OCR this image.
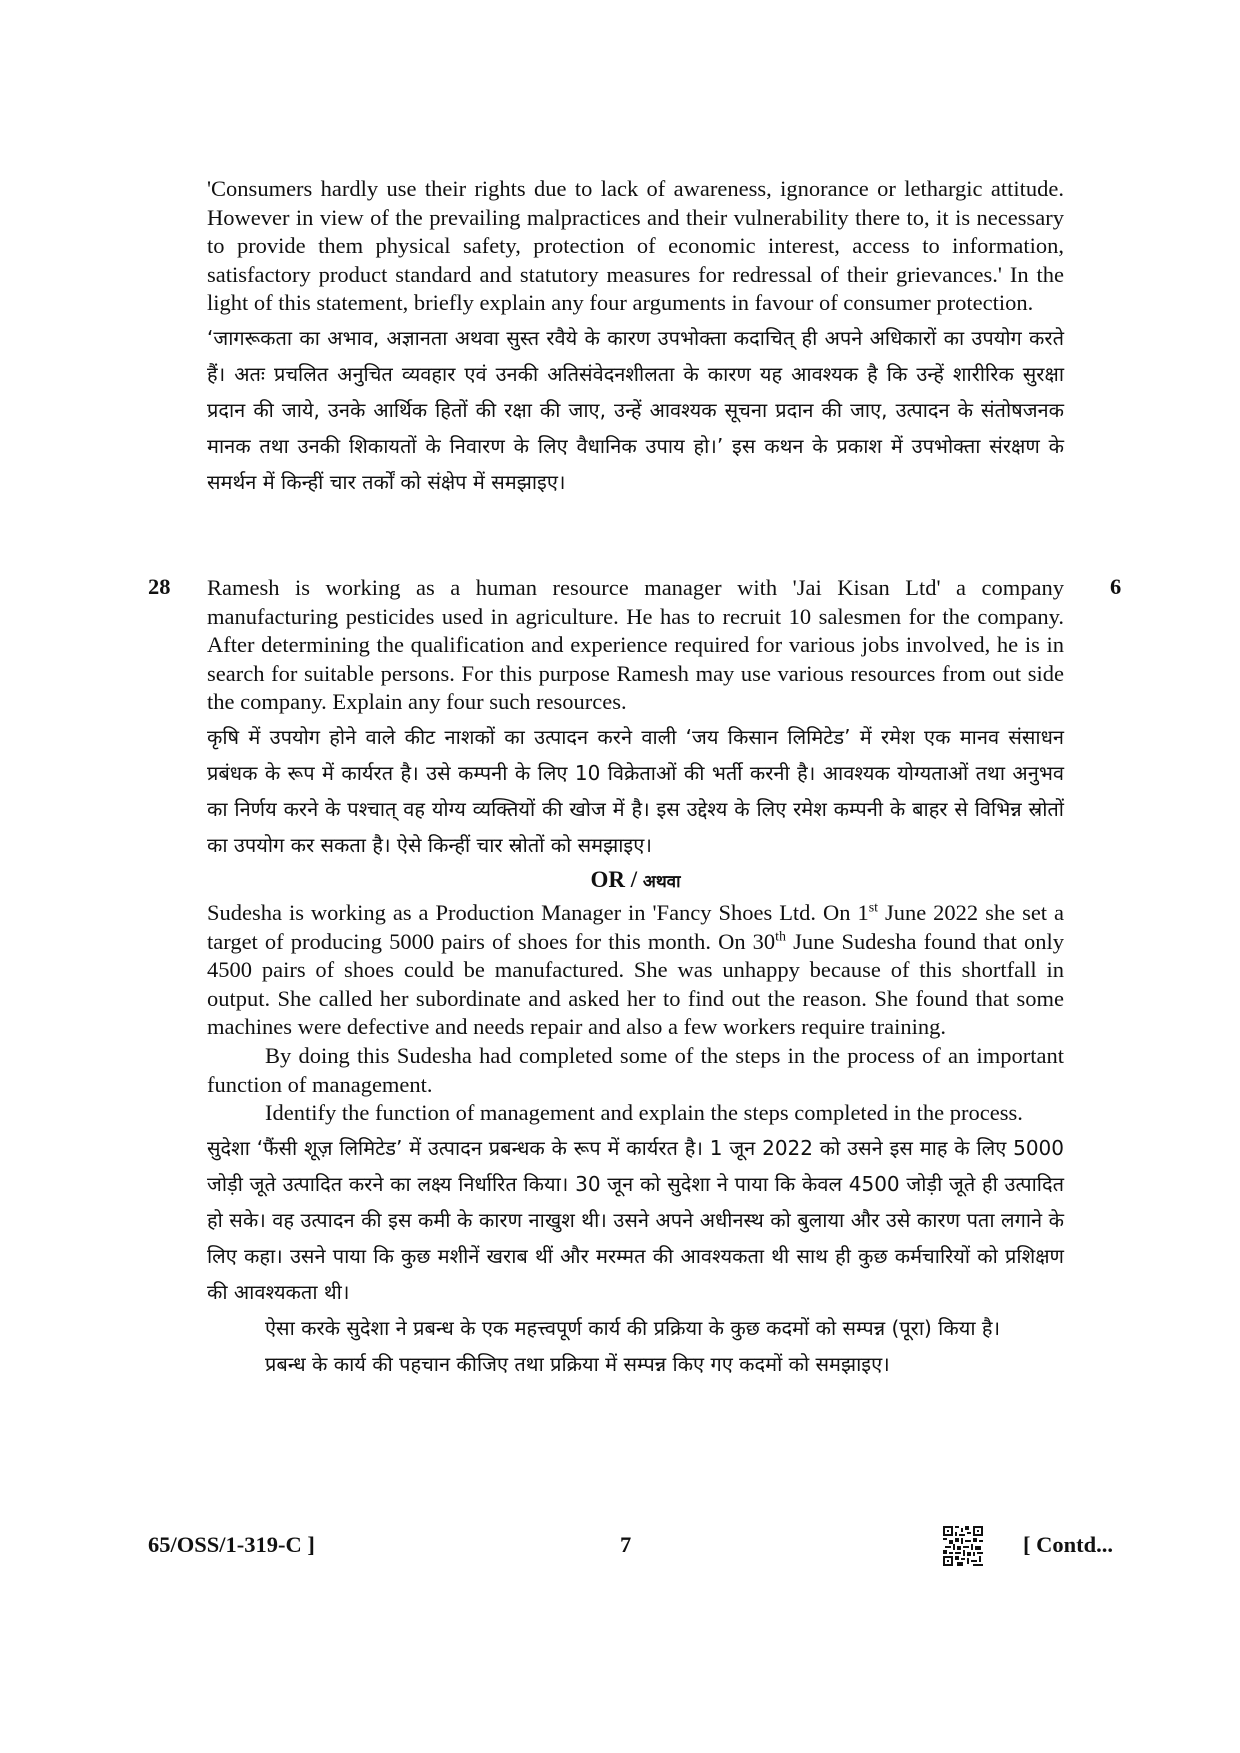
'Consumers hardly use their rights due to lack of awareness, ignorance or lethargic attitude. However in view of the prevailing malpractices and their vulnerability there to, it is necessary to provide them physical safety, protection of economic interest, access to information, satisfactory product standard and statutory measures for redressal of their grievances.' In the light of this statement, briefly explain any four arguments in favour of consumer protection.

‘जागरूकता का अभाव, अज्ञानता अथवा सुस्त रवैये के कारण उपभोक्ता कदाचित् ही अपने अधिकारों का उपयोग करते हैं। अतः प्रचलित अनुचित व्यवहार एवं उनकी अतिसंवेदनशीलता के कारण यह आवश्यक है कि उन्हें शारीरिक सुरक्षा प्रदान की जाये, उनके आर्थिक हितों की रक्षा की जाए, उन्हें आवश्यक सूचना प्रदान की जाए, उत्पादन के संतोषजनक मानक तथा उनकी शिकायतों के निवारण के लिए वैधानिक उपाय हो।’ इस कथन के प्रकाश में उपभोक्ता संरक्षण के समर्थन में किन्हीं चार तर्कों को संक्षेप में समझाइए।

28	6

Ramesh is working as a human resource manager with 'Jai Kisan Ltd' a company manufacturing pesticides used in agriculture. He has to recruit 10 salesmen for the company. After determining the qualification and experience required for various jobs involved, he is in search for suitable persons. For this purpose Ramesh may use various resources from out side the company. Explain any four such resources.

कृषि में उपयोग होने वाले कीट नाशकों का उत्पादन करने वाली ‘जय किसान लिमिटेड’ में रमेश एक मानव संसाधन प्रबंधक के रूप में कार्यरत है। उसे कम्पनी के लिए 10 विक्रेताओं की भर्ती करनी है। आवश्यक योग्यताओं तथा अनुभव का निर्णय करने के पश्चात् वह योग्य व्यक्तियों की खोज में है। इस उद्देश्य के लिए रमेश कम्पनी के बाहर से विभिन्न स्रोतों का उपयोग कर सकता है। ऐसे किन्हीं चार स्रोतों को समझाइए।

OR / अथवा

Sudesha is working as a Production Manager in 'Fancy Shoes Ltd. On 1st June 2022 she set a target of producing 5000 pairs of shoes for this month. On 30th June Sudesha found that only 4500 pairs of shoes could be manufactured. She was unhappy because of this shortfall in output. She called her subordinate and asked her to find out the reason. She found that some machines were defective and needs repair and also a few workers require training.

By doing this Sudesha had completed some of the steps in the process of an important function of management.

Identify the function of management and explain the steps completed in the process.

सुदेशा ‘फैंसी शूज़ लिमिटेड’ में उत्पादन प्रबन्धक के रूप में कार्यरत है। 1 जून 2022 को उसने इस माह के लिए 5000 जोड़ी जूते उत्पादित करने का लक्ष्य निर्धारित किया। 30 जून को सुदेशा ने पाया कि केवल 4500 जोड़ी जूते ही उत्पादित हो सके। वह उत्पादन की इस कमी के कारण नाखुश थी। उसने अपने अधीनस्थ को बुलाया और उसे कारण पता लगाने के लिए कहा। उसने पाया कि कुछ मशीनें खराब थीं और मरम्मत की आवश्यकता थी साथ ही कुछ कर्मचारियों को प्रशिक्षण की आवश्यकता थी।

ऐसा करके सुदेशा ने प्रबन्ध के एक महत्त्वपूर्ण कार्य की प्रक्रिया के कुछ कदमों को सम्पन्न (पूरा) किया है।

प्रबन्ध के कार्य की पहचान कीजिए तथा प्रक्रिया में सम्पन्न किए गए कदमों को समझाइए।

65/OSS/1-319-C ]	7	[ Contd...
